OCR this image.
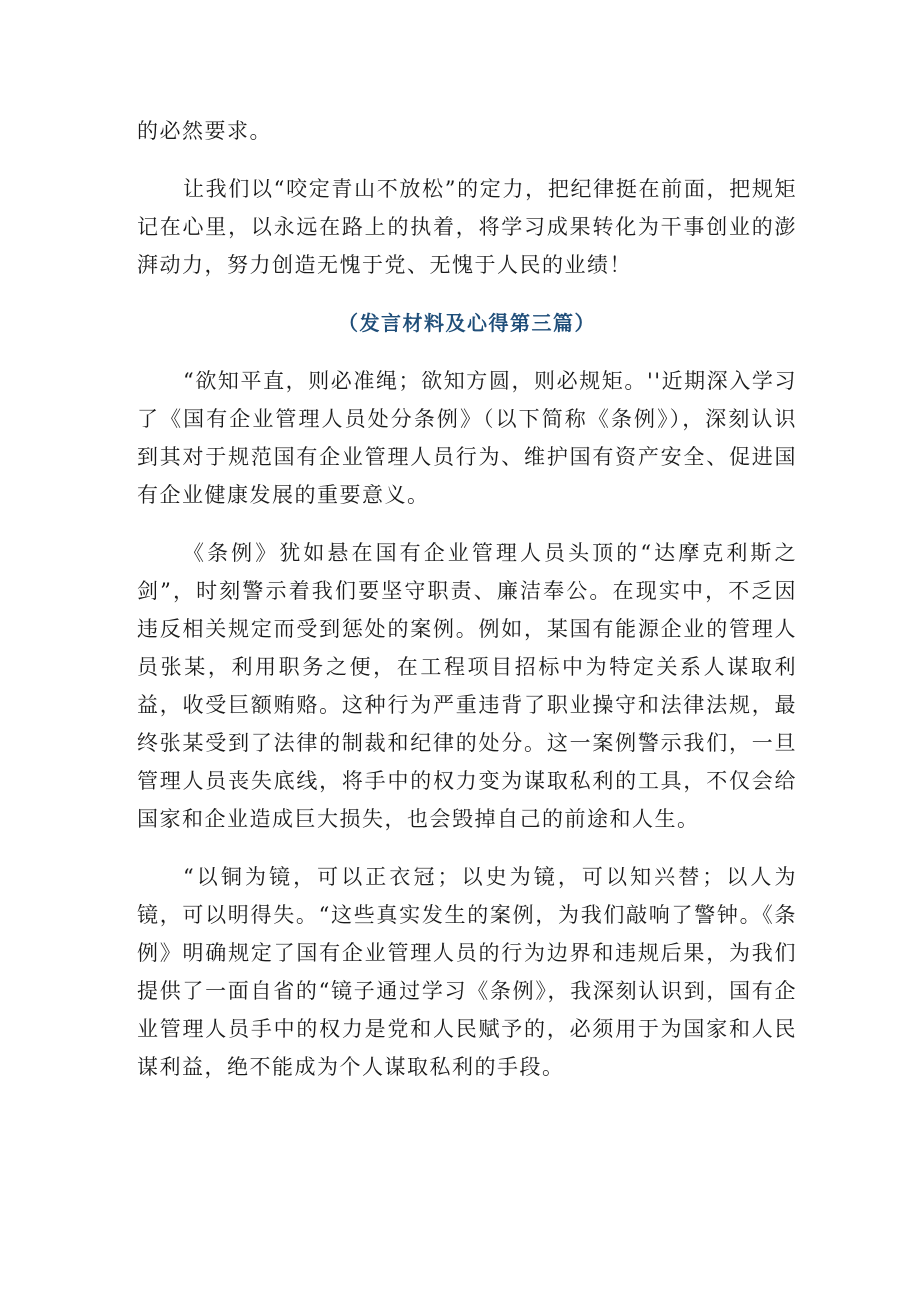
的必然要求。

让我们以“咬定青山不放松”的定力，把纪律挺在前面，把规矩记在心里，以永远在路上的执着，将学习成果转化为干事创业的澎湃动力，努力创造无愧于党、无愧于人民的业绩！

（发言材料及心得第三篇）

“欲知平直，则必准绳；欲知方圆，则必规矩。''近期深入学习了《国有企业管理人员处分条例》（以下简称《条例》），深刻认识到其对于规范国有企业管理人员行为、维护国有资产安全、促进国有企业健康发展的重要意义。

《条例》犹如悬在国有企业管理人员头顶的“达摩克利斯之剑”，时刻警示着我们要坚守职责、廉洁奉公。在现实中，不乏因违反相关规定而受到惩处的案例。例如，某国有能源企业的管理人员张某，利用职务之便，在工程项目招标中为特定关系人谋取利益，收受巨额贿赂。这种行为严重违背了职业操守和法律法规，最终张某受到了法律的制裁和纪律的处分。这一案例警示我们，一旦管理人员丧失底线，将手中的权力变为谋取私利的工具，不仅会给国家和企业造成巨大损失，也会毁掉自己的前途和人生。

“以铜为镜，可以正衣冠；以史为镜，可以知兴替；以人为镜，可以明得失。“这些真实发生的案例，为我们敲响了警钟。《条例》明确规定了国有企业管理人员的行为边界和违规后果，为我们提供了一面自省的“镜子通过学习《条例》，我深刻认识到，国有企业管理人员手中的权力是党和人民赋予的，必须用于为国家和人民谋利益，绝不能成为个人谋取私利的手段。
